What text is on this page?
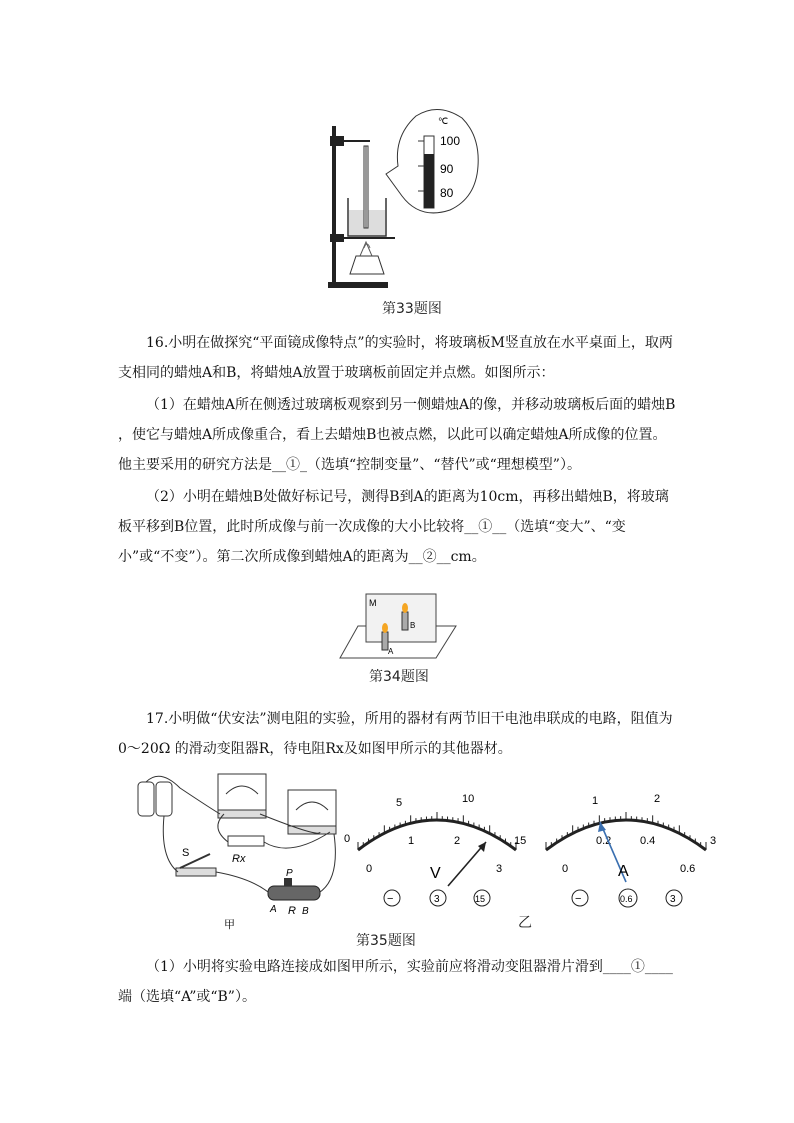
℃
100
90
80
第33题图

16.小明在做探究“平面镜成像特点”的实验时，将玻璃板M竖直放在水平桌面上，取两支相同的蜡烛A和B，将蜡烛A放置于玻璃板前固定并点燃。如图所示：

（1）在蜡烛A所在侧透过玻璃板观察到另一侧蜡烛A的像，并移动玻璃板后面的蜡烛B ，使它与蜡烛A所成像重合，看上去蜡烛B也被点燃，以此可以确定蜡烛A所成像的位置。他主要采用的研究方法是__①_（选填“控制变量”、“替代”或“理想模型”）。

（2）小明在蜡烛B处做好标记号，测得B到A的距离为10cm，再移出蜡烛B，将玻璃板平移到B位置，此时所成像与前一次成像的大小比较将__①__（选填“变大”、“变小”或“不变”）。第二次所成像到蜡烛A的距离为__②__cm。

M
B
A
第34题图

17.小明做“伏安法”测电阻的实验，所用的器材有两节旧干电池串联成的电路，阻值为0～20Ω 的滑动变阻器R，待电阻Rx及如图甲所示的其他器材。

Rx
S
P
A R B
甲
0
5	10
15
0
1	2
3
V
−	3	15
1	2
3
0
0.2	0.4
0.6
A
−	0.6	3
乙
第35题图

（1）小明将实验电路连接成如图甲所示，实验前应将滑动变阻器滑片滑到____①____端（选填“A”或“B”）。
